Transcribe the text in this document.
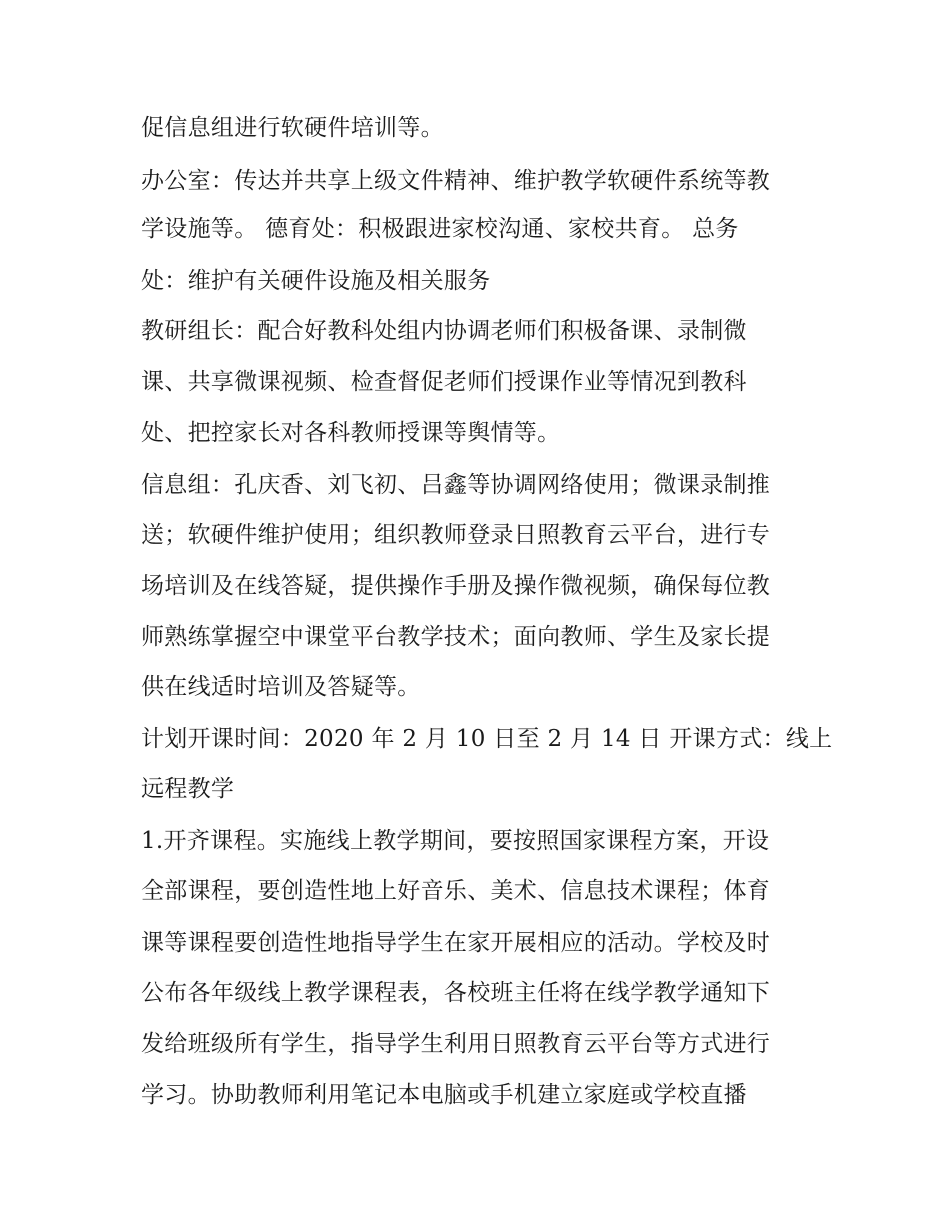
促信息组进行软硬件培训等。
办公室：传达并共享上级文件精神、维护教学软硬件系统等教
学设施等。 德育处：积极跟进家校沟通、家校共育。 总务
处：维护有关硬件设施及相关服务
教研组长：配合好教科处组内协调老师们积极备课、录制微
课、共享微课视频、检查督促老师们授课作业等情况到教科
处、把控家长对各科教师授课等舆情等。
信息组：孔庆香、刘飞初、吕鑫等协调网络使用；微课录制推
送；软硬件维护使用；组织教师登录日照教育云平台，进行专
场培训及在线答疑，提供操作手册及操作微视频，确保每位教
师熟练掌握空中课堂平台教学技术；面向教师、学生及家长提
供在线适时培训及答疑等。
计划开课时间：2020 年 2 月 10 日至 2 月 14 日 开课方式：线上
远程教学
1.开齐课程。实施线上教学期间，要按照国家课程方案，开设
全部课程，要创造性地上好音乐、美术、信息技术课程；体育
课等课程要创造性地指导学生在家开展相应的活动。学校及时
公布各年级线上教学课程表，各校班主任将在线学教学通知下
发给班级所有学生，指导学生利用日照教育云平台等方式进行
学习。协助教师利用笔记本电脑或手机建立家庭或学校直播
